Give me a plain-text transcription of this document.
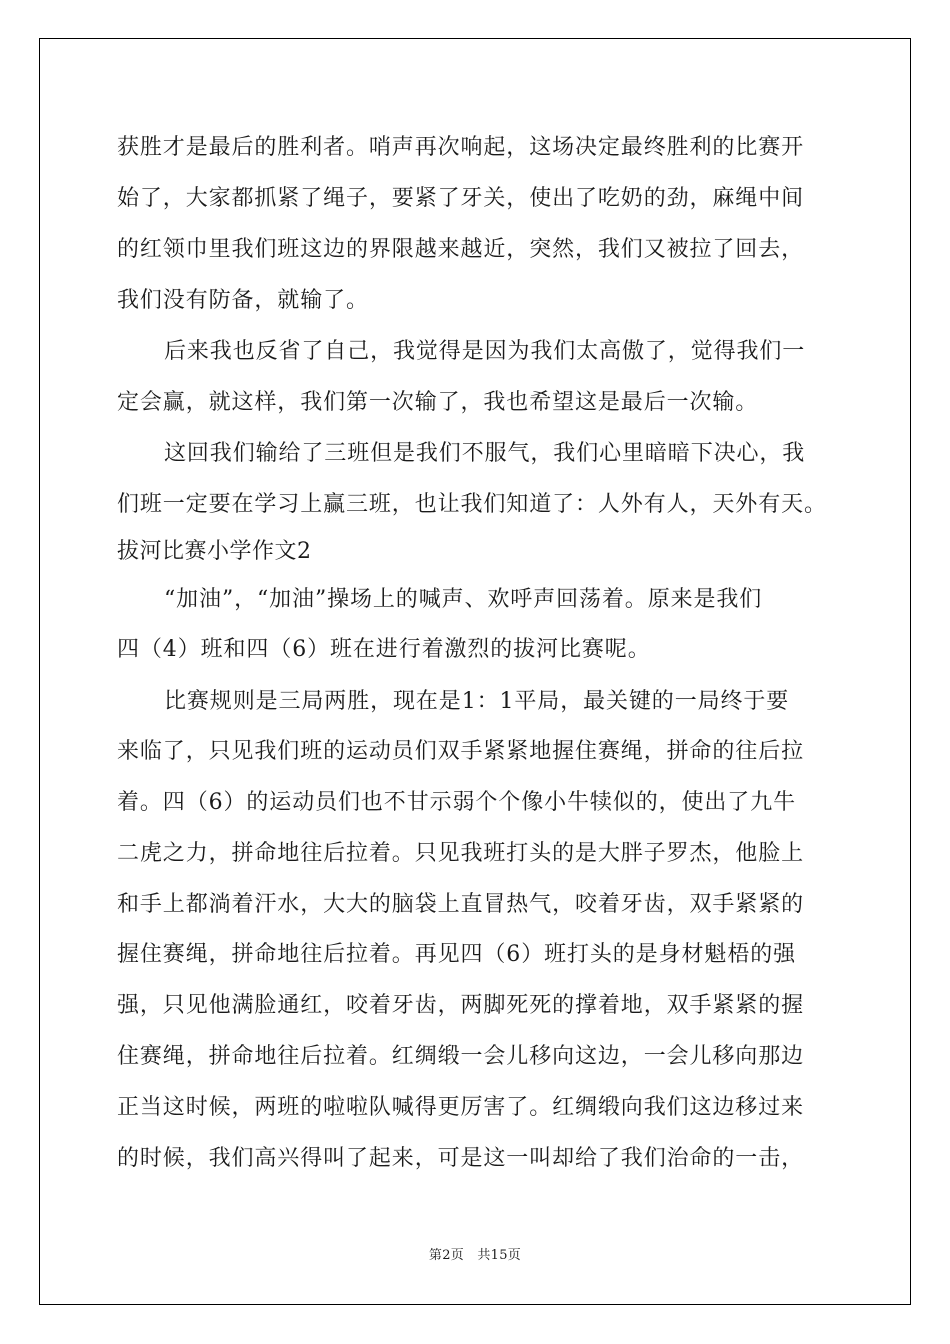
获胜才是最后的胜利者。哨声再次响起，这场决定最终胜利的比赛开
始了，大家都抓紧了绳子，要紧了牙关，使出了吃奶的劲，麻绳中间
的红领巾里我们班这边的界限越来越近，突然，我们又被拉了回去，
我们没有防备，就输了。
后来我也反省了自己，我觉得是因为我们太高傲了，觉得我们一
定会赢，就这样，我们第一次输了，我也希望这是最后一次输。
这回我们输给了三班但是我们不服气，我们心里暗暗下决心，我
们班一定要在学习上赢三班，也让我们知道了：人外有人，天外有天。
拔河比赛小学作文2
“加油”，“加油”操场上的喊声、欢呼声回荡着。原来是我们
四（4）班和四（6）班在进行着激烈的拔河比赛呢。
比赛规则是三局两胜，现在是1：1平局，最关键的一局终于要
来临了，只见我们班的运动员们双手紧紧地握住赛绳，拼命的往后拉
着。四（6）的运动员们也不甘示弱个个像小牛犊似的，使出了九牛
二虎之力，拼命地往后拉着。只见我班打头的是大胖子罗杰，他脸上
和手上都淌着汗水，大大的脑袋上直冒热气，咬着牙齿，双手紧紧的
握住赛绳，拼命地往后拉着。再见四（6）班打头的是身材魁梧的强
强，只见他满脸通红，咬着牙齿，两脚死死的撑着地，双手紧紧的握
住赛绳，拼命地往后拉着。红绸缎一会儿移向这边，一会儿移向那边
正当这时候，两班的啦啦队喊得更厉害了。红绸缎向我们这边移过来
的时候，我们高兴得叫了起来，可是这一叫却给了我们治命的一击，
第2页　共15页
